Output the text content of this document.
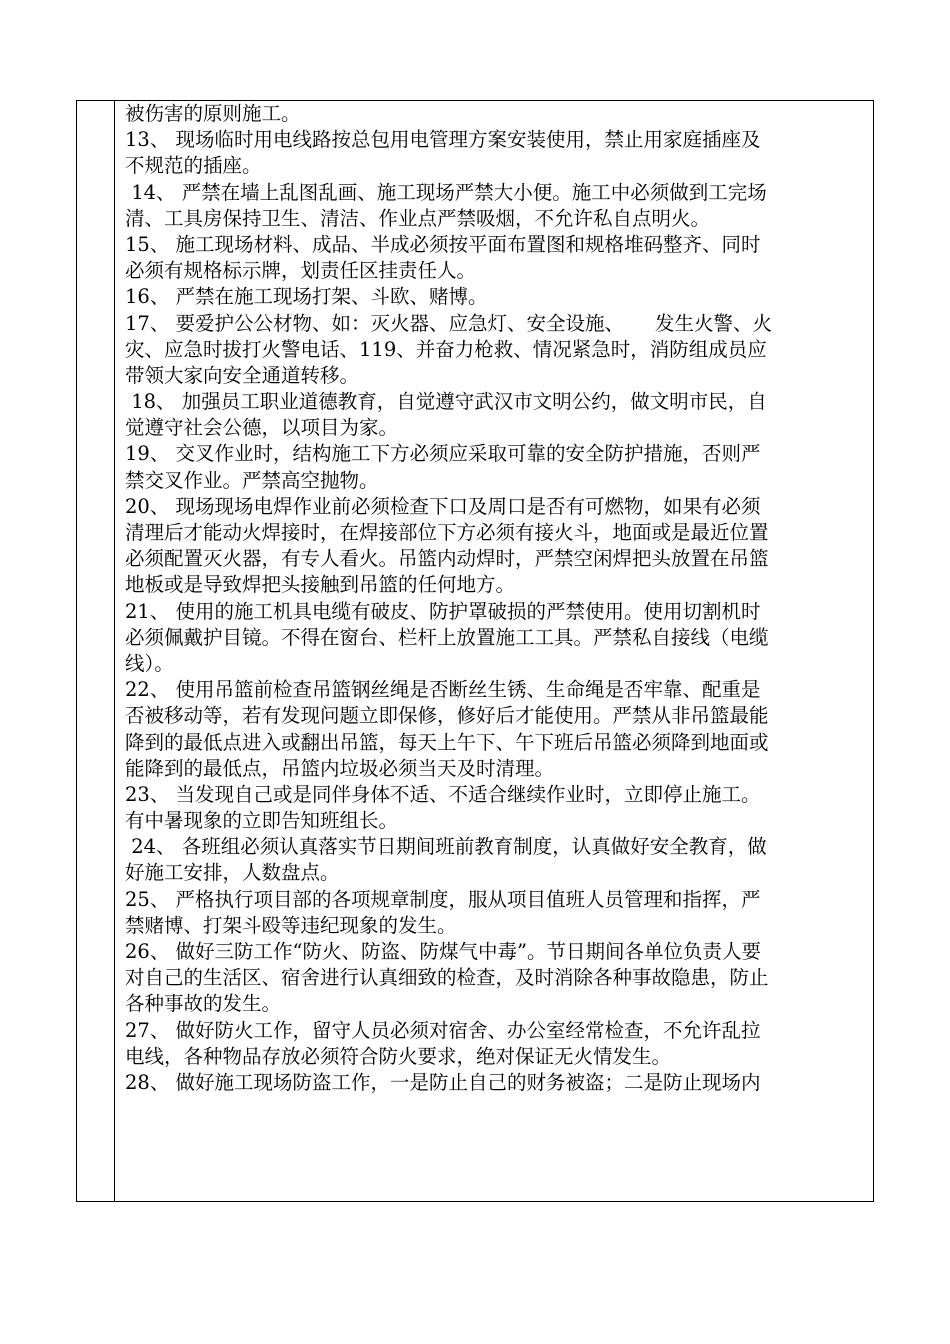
被伤害的原则施工。
13、 现场临时用电线路按总包用电管理方案安装使用，禁止用家庭插座及
不规范的插座。
14、 严禁在墙上乱图乱画、施工现场严禁大小便。施工中必须做到工完场
清、工具房保持卫生、清洁、作业点严禁吸烟，不允许私自点明火。
15、 施工现场材料、成品、半成必须按平面布置图和规格堆码整齐、同时
必须有规格标示牌，划责任区挂责任人。
16、 严禁在施工现场打架、斗欧、赌博。
17、 要爱护公公材物、如：灭火器、应急灯、安全设施、     发生火警、火
灾、应急时拔打火警电话、119、并奋力枪救、情况紧急时，消防组成员应
带领大家向安全通道转移。
18、 加强员工职业道德教育，自觉遵守武汉市文明公约，做文明市民，自
觉遵守社会公德，以项目为家。
19、 交叉作业时，结构施工下方必须应采取可靠的安全防护措施，否则严
禁交叉作业。严禁高空抛物。
20、 现场现场电焊作业前必须检查下口及周口是否有可燃物，如果有必须
清理后才能动火焊接时，在焊接部位下方必须有接火斗，地面或是最近位置
必须配置灭火器，有专人看火。吊篮内动焊时，严禁空闲焊把头放置在吊篮
地板或是导致焊把头接触到吊篮的任何地方。
21、 使用的施工机具电缆有破皮、防护罩破损的严禁使用。使用切割机时
必须佩戴护目镜。不得在窗台、栏杆上放置施工工具。严禁私自接线（电缆
线）。
22、 使用吊篮前检查吊篮钢丝绳是否断丝生锈、生命绳是否牢靠、配重是
否被移动等，若有发现问题立即保修，修好后才能使用。严禁从非吊篮最能
降到的最低点进入或翻出吊篮，每天上午下、午下班后吊篮必须降到地面或
能降到的最低点，吊篮内垃圾必须当天及时清理。
23、 当发现自己或是同伴身体不适、不适合继续作业时，立即停止施工。
有中暑现象的立即告知班组长。
24、 各班组必须认真落实节日期间班前教育制度，认真做好安全教育，做
好施工安排，人数盘点。
25、 严格执行项目部的各项规章制度，服从项目值班人员管理和指挥，严
禁赌博、打架斗殴等违纪现象的发生。
26、 做好三防工作“防火、防盗、防煤气中毒”。节日期间各单位负责人要
对自己的生活区、宿舍进行认真细致的检查，及时消除各种事故隐患，防止
各种事故的发生。
27、 做好防火工作，留守人员必须对宿舍、办公室经常检查，不允许乱拉
电线，各种物品存放必须符合防火要求，绝对保证无火情发生。
28、 做好施工现场防盗工作，一是防止自己的财务被盗；二是防止现场内
